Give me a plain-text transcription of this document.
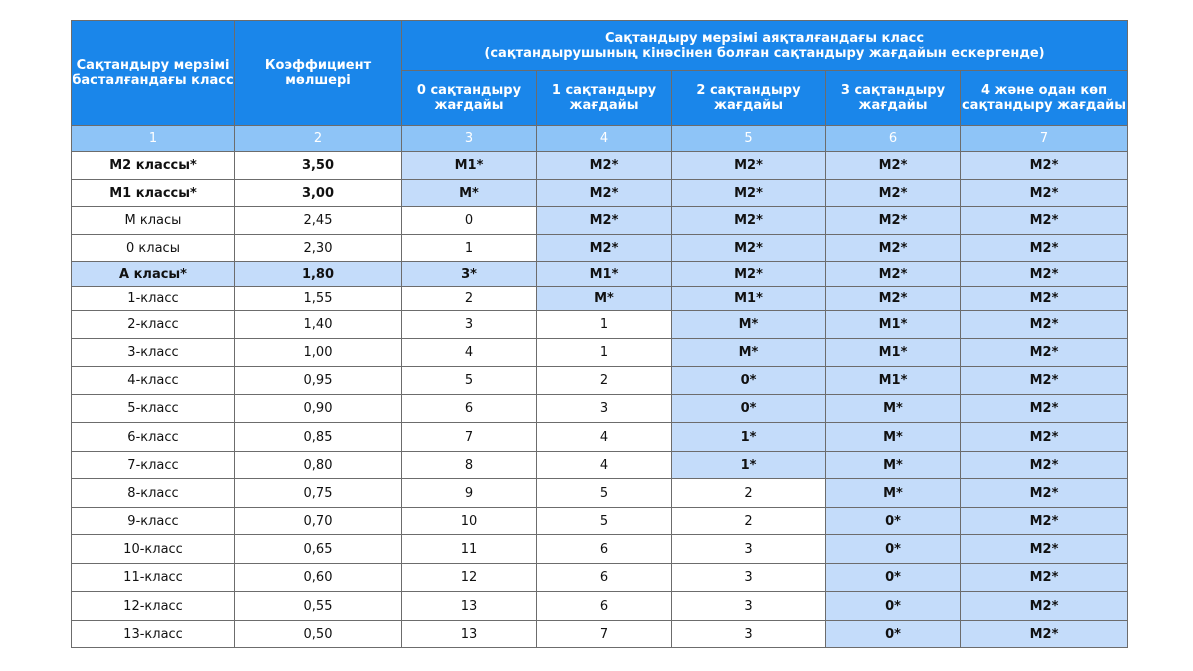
Сақтандыру мерзімі басталғандағы класс	Коэффициент мөлшері	Сақтандыру мерзімі аяқталғандағы класс
(сақтандырушының кінәсінен болған сақтандыру жағдайын ескергенде)				

		0 сақтандыру жағдайы	1 сақтандыру жағдайы	2 сақтандыру жағдайы	3 сақтандыру жағдайы	4 және одан көп сақтандыру жағдайы
1	2	3	4	5	6	7
М2 классы*	3,50	М1*	М2*	М2*	М2*	М2*
М1 классы*	3,00	М*	М2*	М2*	М2*	М2*
М класы	2,45	0	М2*	М2*	М2*	М2*
0 класы	2,30	1	М2*	М2*	М2*	М2*
А класы*	1,80	3*	М1*	М2*	М2*	М2*
1-класс	1,55	2	М*	М1*	М2*	М2*
2-класс	1,40	3	1	М*	М1*	М2*
3-класс	1,00	4	1	М*	М1*	М2*
4-класс	0,95	5	2	0*	М1*	М2*
5-класс	0,90	6	3	0*	М*	М2*
6-класс	0,85	7	4	1*	М*	М2*
7-класс	0,80	8	4	1*	М*	М2*
8-класс	0,75	9	5	2	М*	М2*
9-класс	0,70	10	5	2	0*	М2*
10-класс	0,65	11	6	3	0*	М2*
11-класс	0,60	12	6	3	0*	М2*
12-класс	0,55	13	6	3	0*	М2*
13-класс	0,50	13	7	3	0*	М2*
